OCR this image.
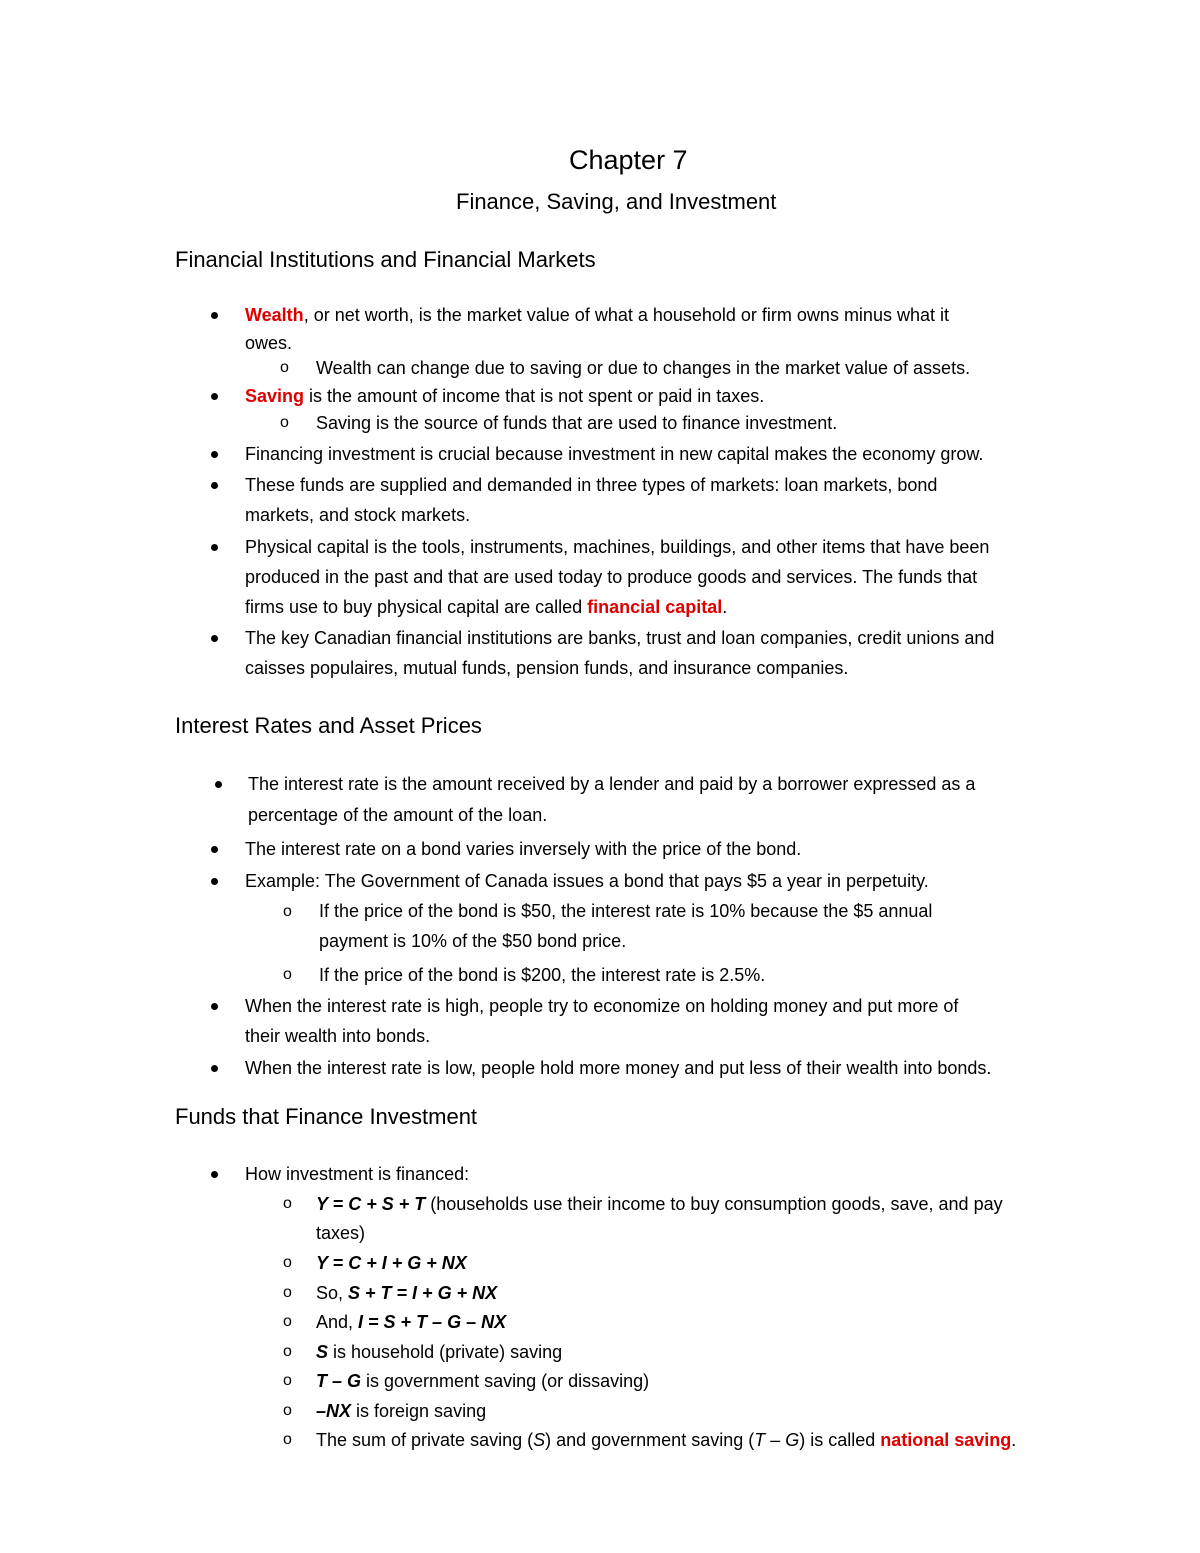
Chapter 7
Finance, Saving, and Investment
Financial Institutions and Financial Markets
Wealth, or net worth, is the market value of what a household or firm owns minus what it
owes.
o Wealth can change due to saving or due to changes in the market value of assets.
Saving is the amount of income that is not spent or paid in taxes.
o Saving is the source of funds that are used to finance investment.
Financing investment is crucial because investment in new capital makes the economy grow.
These funds are supplied and demanded in three types of markets: loan markets, bond
markets, and stock markets.
Physical capital is the tools, instruments, machines, buildings, and other items that have been
produced in the past and that are used today to produce goods and services. The funds that
firms use to buy physical capital are called financial capital.
The key Canadian financial institutions are banks, trust and loan companies, credit unions and
caisses populaires, mutual funds, pension funds, and insurance companies.
Interest Rates and Asset Prices
The interest rate is the amount received by a lender and paid by a borrower expressed as a
percentage of the amount of the loan.
The interest rate on a bond varies inversely with the price of the bond.
Example: The Government of Canada issues a bond that pays $5 a year in perpetuity.
o If the price of the bond is $50, the interest rate is 10% because the $5 annual
payment is 10% of the $50 bond price.
o If the price of the bond is $200, the interest rate is 2.5%.
When the interest rate is high, people try to economize on holding money and put more of
their wealth into bonds.
When the interest rate is low, people hold more money and put less of their wealth into bonds.
Funds that Finance Investment
How investment is financed:
o Y = C + S + T (households use their income to buy consumption goods, save, and pay
taxes)
o Y = C + I + G + NX
o So, S + T = I + G + NX
o And, I = S + T – G – NX
o S is household (private) saving
o T – G is government saving (or dissaving)
o –NX is foreign saving
o The sum of private saving (S) and government saving (T – G) is called national saving.
